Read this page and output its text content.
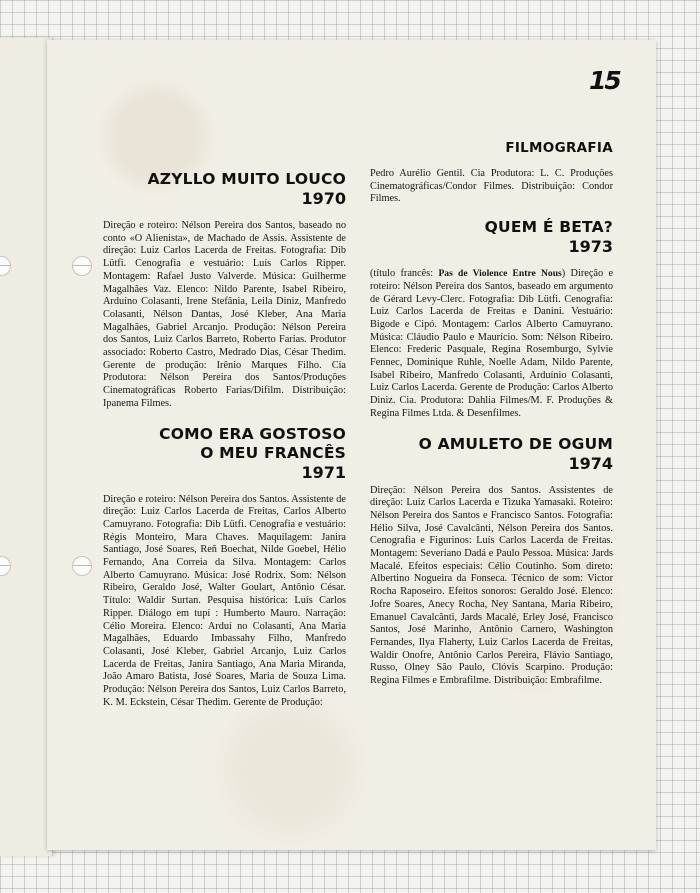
15
AZYLLO MUITO LOUCO
1970

Direção e roteiro: Nélson Pereira dos Santos, baseado no conto «O Alienista», de Machado de Assis. Assistente de direção: Luiz Carlos Lacerda de Freitas. Fotografia: Dib Lütfi. Cenografia e vestuário: Luís Carlos Ripper. Montagem: Rafael Justo Valverde. Música: Guilherme Magalhães Vaz. Elenco: Nildo Parente, Isabel Ribeiro, Arduíno Colasanti, Irene Stefânia, Leila Diniz, Manfredo Colasanti, Nélson Dantas, José Kleber, Ana Maria Magalhães, Gabriel Arcanjo. Produção: Nélson Pereira dos Santos, Luiz Carlos Barreto, Roberto Farias. Produtor associado: Roberto Castro, Medrado Dias, César Thedim. Gerente de produção: Irênio Marques Filho. Cia Produtora: Nélson Pereira dos Santos/Produções Cinematográficas Roberto Farias/Difilm. Distribuição: Ipanema Filmes.

COMO ERA GOSTOSO
O MEU FRANCÊS
1971

Direção e roteiro: Nélson Pereira dos Santos. Assistente de direção: Luiz Carlos Lacerda de Freitas, Carlos Alberto Camuyrano. Fotografia: Dib Lütfi. Cenografia e vestuário: Régis Monteiro, Mara Chaves. Maquilagem: Janira Santiago, José Soares, Reñ Boechat, Nilde Goebel, Hélio Fernando, Ana Correia da Silva. Montagem: Carlos Alberto Camuyrano. Música: José Rodrix. Som: Nélson Ribeiro, Geraldo José, Walter Goulart, Antônio César. Título: Waldir Surtan. Pesquisa histórica: Luís Carlos Ripper. Diálogo em tupí : Humberto Mauro. Narração: Célio Moreira. Elenco: Arduí no Colasanti, Ana Maria Magalhães, Eduardo Imbassahy Filho, Manfredo Colasanti, José Kleber, Gabriel Arcanjo, Luiz Carlos Lacerda de Freitas, Janira Santiago, Ana Maria Miranda, João Amaro Batista, José Soares, Maria de Souza Lima. Produção: Nélson Pereira dos Santos, Luiz Carlos Barreto, K. M. Eckstein, César Thedim. Gerente de Produção:

FILMOGRAFIA

Pedro Aurélio Gentil. Cia Produtora: L. C. Produções Cinematográficas/Condor Filmes. Distribuição: Condor Filmes.

QUEM É BETA?
1973

(título francês: Pas de Violence Entre Nous) Direção e roteiro: Nélson Pereira dos Santos, baseado em argumento de Gérard Levy-Clerc. Fotografia: Dib Lütfi. Cenografia: Luiz Carlos Lacerda de Freitas e Danini. Vestuário: Bigode e Cipó. Montagem: Carlos Alberto Camuyrano. Música: Cláudio Paulo e Maurício. Som: Nélson Ribeiro. Elenco: Frederic Pasquale, Regina Rosemburgo, Sylvie Fennec, Dominique Ruhle, Noelle Adam, Nildo Parente, Isabel Ribeiro, Manfredo Colasanti, Arduínio Colasanti, Luiz Carlos Lacerda. Gerente de Produção: Carlos Alberto Diniz. Cia. Produtora: Dahlia Filmes/M. F. Produções & Regina Filmes Ltda. & Desenfilmes.

O AMULETO DE OGUM
1974

Direção: Nélson Pereira dos Santos. Assistentes de direção: Luiz Carlos Lacerda e Tizuka Yamasaki. Roteiro: Nélson Pereira dos Santos e Francisco Santos. Fotografia: Hélio Silva, José Cavalcânti, Nélson Pereira dos Santos. Cenografia e Figurinos: Luís Carlos Lacerda de Freitas. Montagem: Severiano Dadá e Paulo Pessoa. Música: Jards Macalé. Efeitos especiais: Célio Coutinho. Som direto: Albertino Nogueira da Fonseca. Técnico de som: Victor Rocha Raposeiro. Efeitos sonoros: Geraldo José. Elenco: Jofre Soares, Anecy Rocha, Ney Santana, Maria Ribeiro, Emanuel Cavalcânti, Jards Macalé, Erley José, Francisco Santos, José Marinho, Antônio Carnero, Washington Fernandes, Ilya Flaherty, Luiz Carlos Lacerda de Freitas, Waldir Onofre, Antônio Carlos Pereira, Flávio Santiago, Russo, Olney São Paulo, Clóvis Scarpino. Produção: Regina Filmes e Embrafilme. Distribuição: Embrafilme.
